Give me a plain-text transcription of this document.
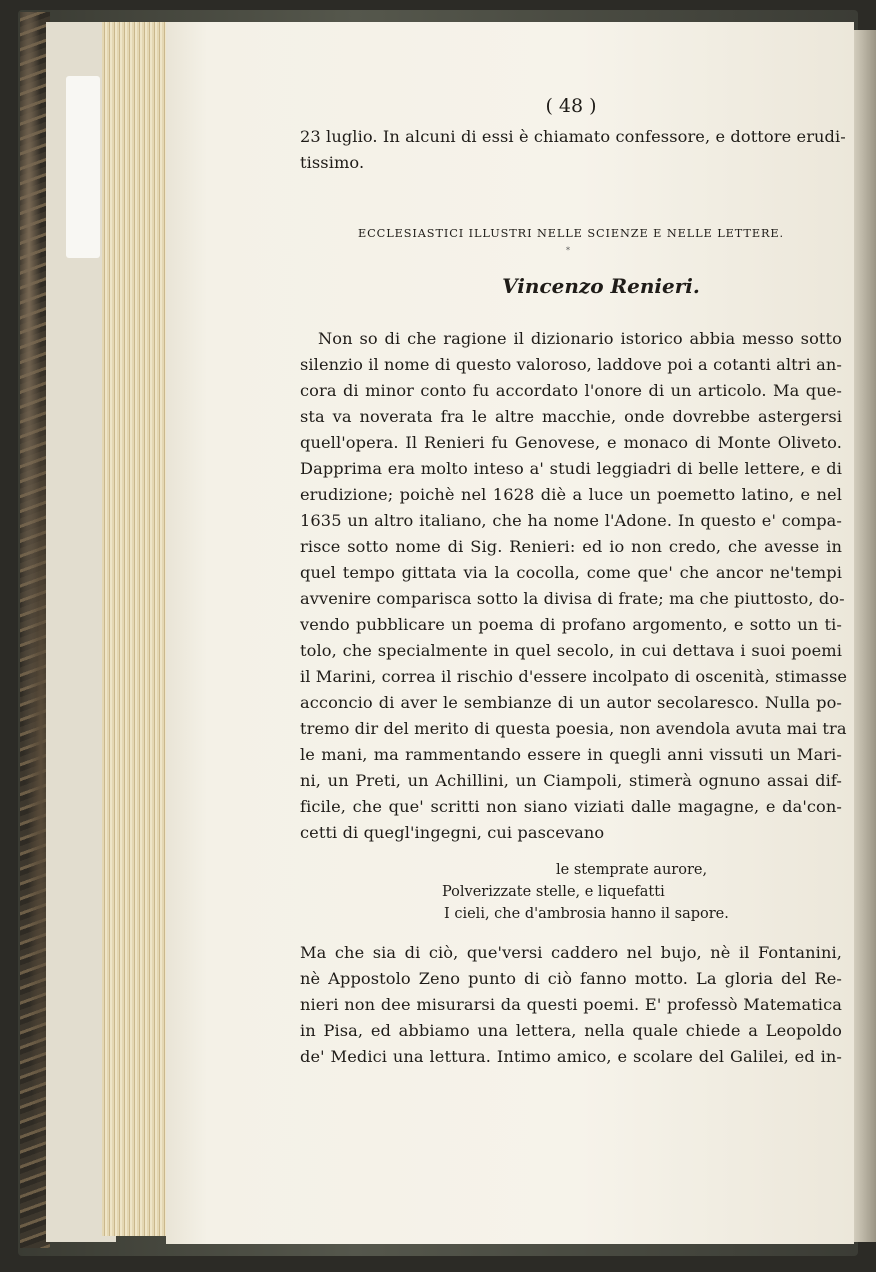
( 48 )
23 luglio. In alcuni di essi è chiamato confessore, e dottore erudi-
tissimo.
ECCLESIASTICI ILLUSTRI NELLE SCIENZE E NELLE LETTERE.
*
Vincenzo Renieri.
Non so di che ragione il dizionario istorico abbia messo sotto
silenzio il nome di questo valoroso, laddove poi a cotanti altri an-
cora di minor conto fu accordato l'onore di un articolo. Ma que-
sta va noverata fra le altre macchie, onde dovrebbe astergersi
quell'opera. Il Renieri fu Genovese, e monaco di Monte Oliveto.
Dapprima era molto inteso a' studi leggiadri di belle lettere, e di
erudizione; poichè nel 1628 diè a luce un poemetto latino, e nel
1635 un altro italiano, che ha nome l'Adone. In questo e' compa-
risce sotto nome di Sig. Renieri: ed io non credo, che avesse in
quel tempo gittata via la cocolla, come que' che ancor ne'tempi
avvenire comparisca sotto la divisa di frate; ma che piuttosto, do-
vendo pubblicare un poema di profano argomento, e sotto un ti-
tolo, che specialmente in quel secolo, in cui dettava i suoi poemi
il Marini, correa il rischio d'essere incolpato di oscenità, stimasse
acconcio di aver le sembianze di un autor secolaresco. Nulla po-
tremo dir del merito di questa poesia, non avendola avuta mai tra
le mani, ma rammentando essere in quegli anni vissuti un Mari-
ni, un Preti, un Achillini, un Ciampoli, stimerà ognuno assai dif-
ficile, che que' scritti non siano viziati dalle magagne, e da'con-
cetti di quegl'ingegni, cui pascevano
le stemprate aurore,
Polverizzate stelle, e liquefatti
I cieli, che d'ambrosia hanno il sapore.
Ma che sia di ciò, que'versi caddero nel bujo, nè il Fontanini,
nè Appostolo Zeno punto di ciò fanno motto. La gloria del Re-
nieri non dee misurarsi da questi poemi. E' professò Matematica
in Pisa, ed abbiamo una lettera, nella quale chiede a Leopoldo
de' Medici una lettura. Intimo amico, e scolare del Galilei, ed in-
